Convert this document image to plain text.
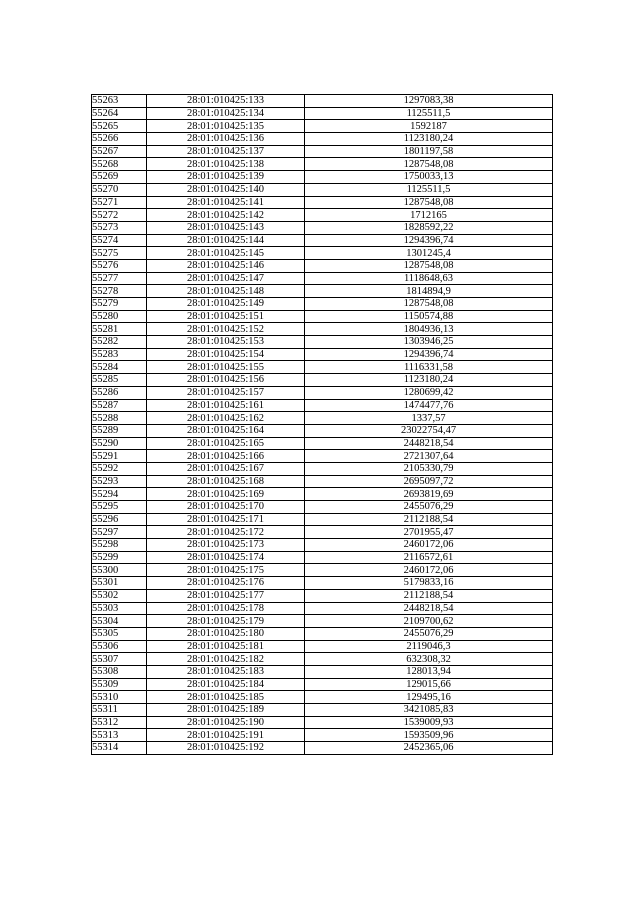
55263	28:01:010425:133	1297083,38
55264	28:01:010425:134	1125511,5
55265	28:01:010425:135	1592187
55266	28:01:010425:136	1123180,24
55267	28:01:010425:137	1801197,58
55268	28:01:010425:138	1287548,08
55269	28:01:010425:139	1750033,13
55270	28:01:010425:140	1125511,5
55271	28:01:010425:141	1287548,08
55272	28:01:010425:142	1712165
55273	28:01:010425:143	1828592,22
55274	28:01:010425:144	1294396,74
55275	28:01:010425:145	1301245,4
55276	28:01:010425:146	1287548,08
55277	28:01:010425:147	1118648,63
55278	28:01:010425:148	1814894,9
55279	28:01:010425:149	1287548,08
55280	28:01:010425:151	1150574,88
55281	28:01:010425:152	1804936,13
55282	28:01:010425:153	1303946,25
55283	28:01:010425:154	1294396,74
55284	28:01:010425:155	1116331,58
55285	28:01:010425:156	1123180,24
55286	28:01:010425:157	1280699,42
55287	28:01:010425:161	1474477,76
55288	28:01:010425:162	1337,57
55289	28:01:010425:164	23022754,47
55290	28:01:010425:165	2448218,54
55291	28:01:010425:166	2721307,64
55292	28:01:010425:167	2105330,79
55293	28:01:010425:168	2695097,72
55294	28:01:010425:169	2693819,69
55295	28:01:010425:170	2455076,29
55296	28:01:010425:171	2112188,54
55297	28:01:010425:172	2701955,47
55298	28:01:010425:173	2460172,06
55299	28:01:010425:174	2116572,61
55300	28:01:010425:175	2460172,06
55301	28:01:010425:176	5179833,16
55302	28:01:010425:177	2112188,54
55303	28:01:010425:178	2448218,54
55304	28:01:010425:179	2109700,62
55305	28:01:010425:180	2455076,29
55306	28:01:010425:181	2119046,3
55307	28:01:010425:182	632308,32
55308	28:01:010425:183	128013,94
55309	28:01:010425:184	129015,66
55310	28:01:010425:185	129495,16
55311	28:01:010425:189	3421085,83
55312	28:01:010425:190	1539009,93
55313	28:01:010425:191	1593509,96
55314	28:01:010425:192	2452365,06
